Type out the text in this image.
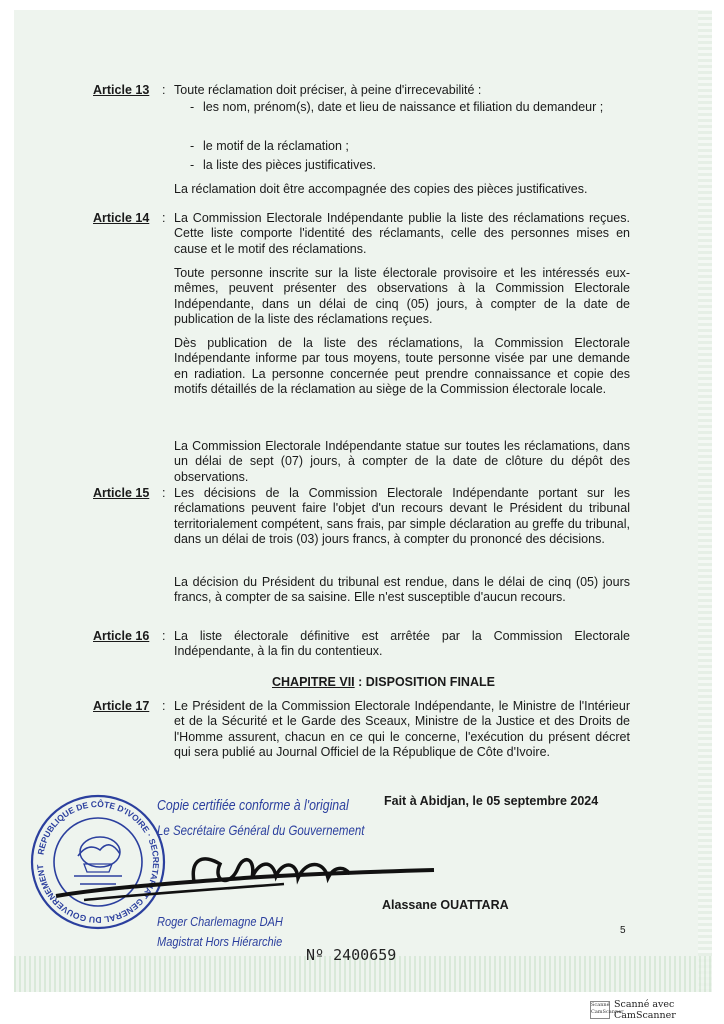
Article 13 : Toute réclamation doit préciser, à peine d'irrecevabilité :

- les nom, prénom(s), date et lieu de naissance et filiation du demandeur ;

- le motif de la réclamation ;

- la liste des pièces justificatives.

La réclamation doit être accompagnée des copies des pièces justificatives.

Article 14 : La Commission Electorale Indépendante publie la liste des réclamations reçues. Cette liste comporte l'identité des réclamants, celle des personnes mises en cause et le motif des réclamations.

Toute personne inscrite sur la liste électorale provisoire et les intéressés eux-mêmes, peuvent présenter des observations à la Commission Electorale Indépendante, dans un délai de cinq (05) jours, à compter de la date de publication de la liste des réclamations reçues.

Dès publication de la liste des réclamations, la Commission Electorale Indépendante informe par tous moyens, toute personne visée par une demande en radiation. La personne concernée peut prendre connaissance et copie des motifs détaillés de la réclamation au siège de la Commission électorale locale.

La Commission Electorale Indépendante statue sur toutes les réclamations, dans un délai de sept (07) jours, à compter de la date de clôture du dépôt des observations.

Article 15 : Les décisions de la Commission Electorale Indépendante portant sur les réclamations peuvent faire l'objet d'un recours devant le Président du tribunal territorialement compétent, sans frais, par simple déclaration au greffe du tribunal, dans un délai de trois (03) jours francs, à compter du prononcé des décisions.

La décision du Président du tribunal est rendue, dans le délai de cinq (05) jours francs, à compter de sa saisine. Elle n'est susceptible d'aucun recours.

Article 16 : La liste électorale définitive est arrêtée par la Commission Electorale Indépendante, à la fin du contentieux.

CHAPITRE VII : DISPOSITION FINALE
Article 17 : Le Président de la Commission Electorale Indépendante, le Ministre de l'Intérieur et de la Sécurité et le Garde des Sceaux, Ministre de la Justice et des Droits de l'Homme assurent, chacun en ce qui le concerne, l'exécution du présent décret qui sera publié au Journal Officiel de la République de Côte d'Ivoire.

Fait à Abidjan, le 05 septembre 2024
Copie certifiée conforme à l'original
Le Secrétaire Général du Gouvernement
REPUBLIQUE DE CÔTE D'IVOIRE · SECRETARIAT GENERAL DU GOUVERNEMENT
Alassane OUATTARA
Roger Charlemagne DAH
Magistrat Hors Hiérarchie
Nº 2400659
5
Scanné CamScanner
Scanné avec CamScanner
